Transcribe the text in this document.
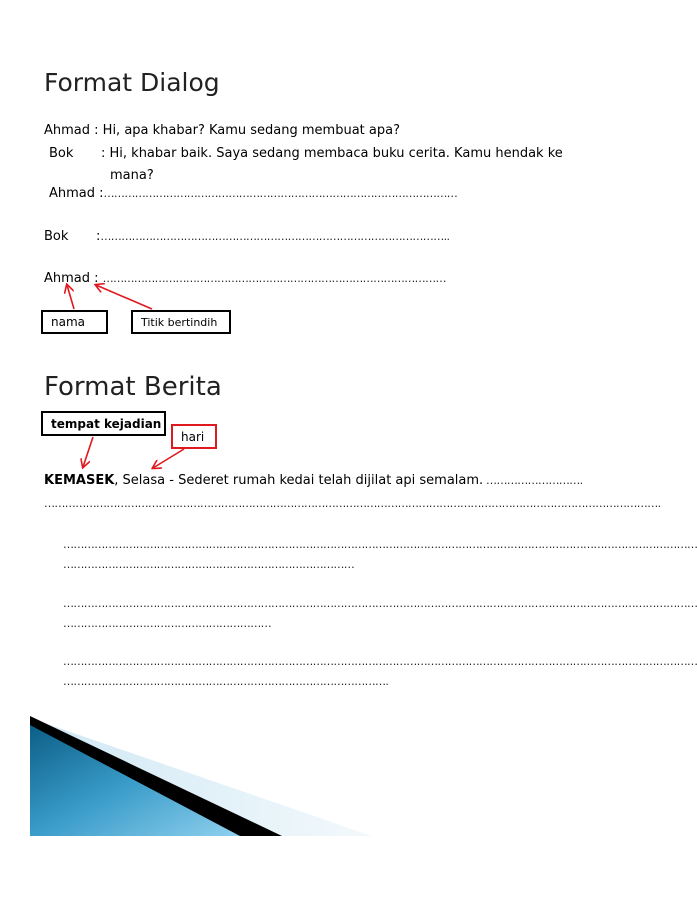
Format Dialog
Ahmad : Hi, apa khabar? Kamu sedang membuat apa?
Bok : Hi, khabar baik. Saya sedang membaca buku cerita. Kamu hendak ke
mana?
Ahmad :…………………………………………………………………………………………
Bok :………………………………………………………………………………………..
Ahmad : ………………………………………………………………………………………
nama	Titik bertindih
Format Berita
tempat kejadian
hari
KEMASEK, Selasa - Sederet rumah kedai telah dijilat api semalam. ……………………….
…………………………………………………………………………………………………………………………………………………………….
…………………………………………………………………………………………………………………………………………………………………
…………………………………………………………………………
…………………………………………………………………………………………………………………………………………………………………
……………………………………………………
…………………………………………………………………………………………………………………………………………………………………
………………………………………………………………………………….
